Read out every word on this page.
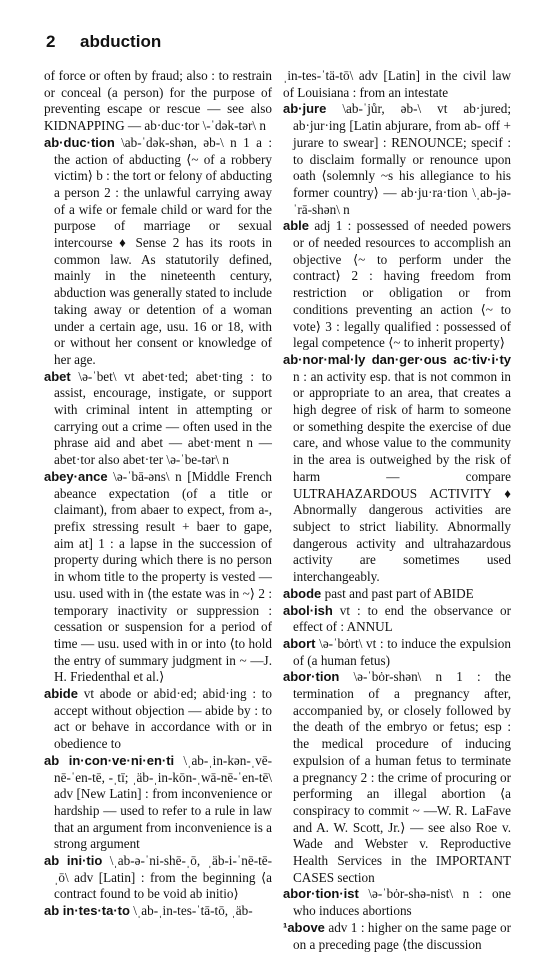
2 abduction

of force or often by fraud; also : to restrain or conceal (a person) for the purpose of preventing escape or rescue — see also KIDNAPPING — ab·duc·tor \-ˈdək-tər\ n

ab·duc·tion \ab-ˈdək-shən, əb-\ n 1 a : the action of abducting ⟨~ of a robbery victim⟩ b : the tort or felony of abducting a person 2 : the unlawful carrying away of a wife or female child or ward for the purpose of marriage or sexual intercourse ♦ Sense 2 has its roots in common law. As statutorily defined, mainly in the nineteenth century, abduction was generally stated to include taking away or detention of a woman under a certain age, usu. 16 or 18, with or without her consent or knowledge of her age.

abet \ə-ˈbet\ vt abet·ted; abet·ting : to assist, encourage, instigate, or support with criminal intent in attempting or carrying out a crime — often used in the phrase aid and abet — abet·ment n — abet·tor also abet·ter \ə-ˈbe-tər\ n

abey·ance \ə-ˈbā-əns\ n [Middle French abeance expectation (of a title or claimant), from abaer to expect, from a-, prefix stressing result + baer to gape, aim at] 1 : a lapse in the succession of property during which there is no person in whom title to the property is vested — usu. used with in ⟨the estate was in ~⟩ 2 : temporary inactivity or suppression : cessation or suspension for a period of time — usu. used with in or into ⟨to hold the entry of summary judgment in ~ —J. H. Friedenthal et al.⟩

abide vt abode or abid·ed; abid·ing : to accept without objection — abide by : to act or behave in accordance with or in obedience to

ab in·con·ve·ni·en·ti \ˌab-ˌin-kən-ˌvē-nē-ˈen-tē, -ˌtī; ˌäb-ˌin-kōn-ˌwā-nē-ˈen-tē\ adv [New Latin] : from inconvenience or hardship — used to refer to a rule in law that an argument from inconvenience is a strong argument

ab ini·tio \ˌab-ə-ˈni-shē-ˌō, ˌäb-i-ˈnē-tē-ˌō\ adv [Latin] : from the beginning ⟨a contract found to be void ab initio⟩

ab in·tes·ta·to \ˌab-ˌin-tes-ˈtā-tō, ˌäb-

ˌin-tes-ˈtä-tō\ adv [Latin] in the civil law of Louisiana : from an intestate

ab·jure \ab-ˈjůr, əb-\ vt ab·jured; ab·jur·ing [Latin abjurare, from ab- off + jurare to swear] : RENOUNCE; specif : to disclaim formally or renounce upon oath ⟨solemnly ~s his allegiance to his former country⟩ — ab·ju·ra·tion \ˌab-jə-ˈrā-shən\ n

able adj 1 : possessed of needed powers or of needed resources to accomplish an objective ⟨~ to perform under the contract⟩ 2 : having freedom from restriction or obligation or from conditions preventing an action ⟨~ to vote⟩ 3 : legally qualified : possessed of legal competence ⟨~ to inherit property⟩

ab·nor·mal·ly dan·ger·ous ac·tiv·i·ty n : an activity esp. that is not common in or appropriate to an area, that creates a high degree of risk of harm to someone or something despite the exercise of due care, and whose value to the community in the area is outweighed by the risk of harm — compare ULTRAHAZARDOUS ACTIVITY ♦ Abnormally dangerous activities are subject to strict liability. Abnormally dangerous activity and ultrahazardous activity are sometimes used interchangeably.

abode past and past part of ABIDE

abol·ish vt : to end the observance or effect of : ANNUL

abort \ə-ˈbȯrt\ vt : to induce the expulsion of (a human fetus)

abor·tion \ə-ˈbȯr-shən\ n 1 : the termination of a pregnancy after, accompanied by, or closely followed by the death of the embryo or fetus; esp : the medical procedure of inducing expulsion of a human fetus to terminate a pregnancy 2 : the crime of procuring or performing an illegal abortion ⟨a conspiracy to commit ~ —W. R. LaFave and A. W. Scott, Jr.⟩ — see also Roe v. Wade and Webster v. Reproductive Health Services in the IMPORTANT CASES section

abor·tion·ist \ə-ˈbȯr-shə-nist\ n : one who induces abortions

¹above adv 1 : higher on the same page or on a preceding page ⟨the discussion
